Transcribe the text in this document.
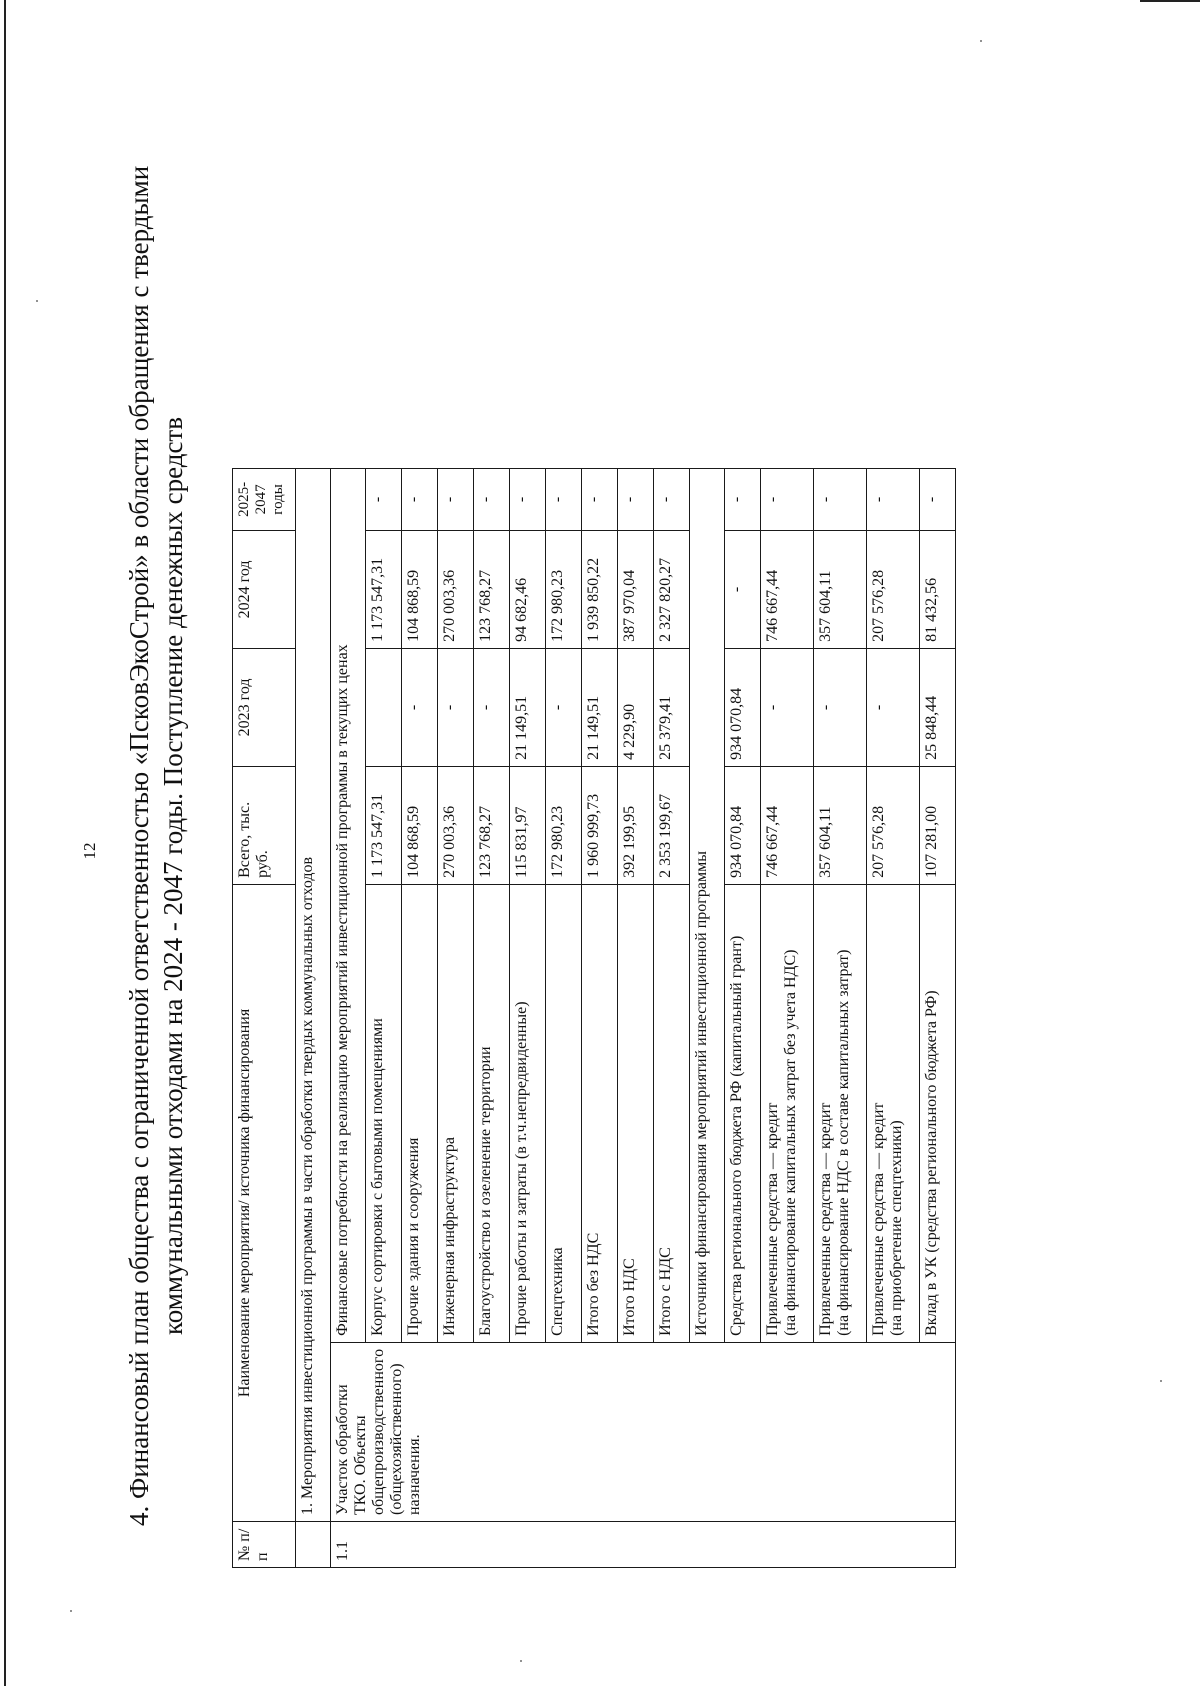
12 4. Финансовый план общества с ограниченной ответственностью «ПсковЭкоСтрой» в области обращения с твердыми коммунальными отходами на 2024 - 2047 годы. Поступление денежных средств
№ п/п	Наименование мероприятия/ источника финансирования		Всего, тыс. руб.	2023 год	2024 год	2025-2047 годы
	1. Мероприятия инвестиционной программы в части обработки твердых коммунальных отходов					
1.1	Участок обработки ТКО. Объекты общепроизводственного (общехозяйственного) назначения.	Финансовые потребности на реализацию мероприятий инвестиционной программы в текущих ценах				
		Корпус сортировки с бытовыми помещениями	1 173 547,31		1 173 547,31	-
		Прочие здания и сооружения	104 868,59	-	104 868,59	-
		Инженерная инфраструктура	270 003,36	-	270 003,36	-
		Благоустройство и озеленение территории	123 768,27	-	123 768,27	-
		Прочие работы и затраты (в т.ч.непредвиденные)	115 831,97	21 149,51	94 682,46	-
		Спецтехника	172 980,23	-	172 980,23	-
		Итого без НДС	1 960 999,73	21 149,51	1 939 850,22	-
		Итого НДС	392 199,95	4 229,90	387 970,04	-
		Итого с НДС	2 353 199,67	25 379,41	2 327 820,27	-
		Источники финансирования мероприятий инвестиционной программы				
		Средства регионального бюджета РФ (капитальный грант)	934 070,84	934 070,84	-	-
		Привлеченные средства — кредит
(на финансирование капитальных затрат без учета НДС)	746 667,44	-	746 667,44	-
		Привлеченные средства — кредит
(на финансирование НДС в составе капитальных затрат)	357 604,11	-	357 604,11	-
		Привлеченные средства — кредит
(на приобретение спецтехники)	207 576,28	-	207 576,28	-
		Вклад в УК (средства регионального бюджета РФ)	107 281,00	25 848,44	81 432,56	-
